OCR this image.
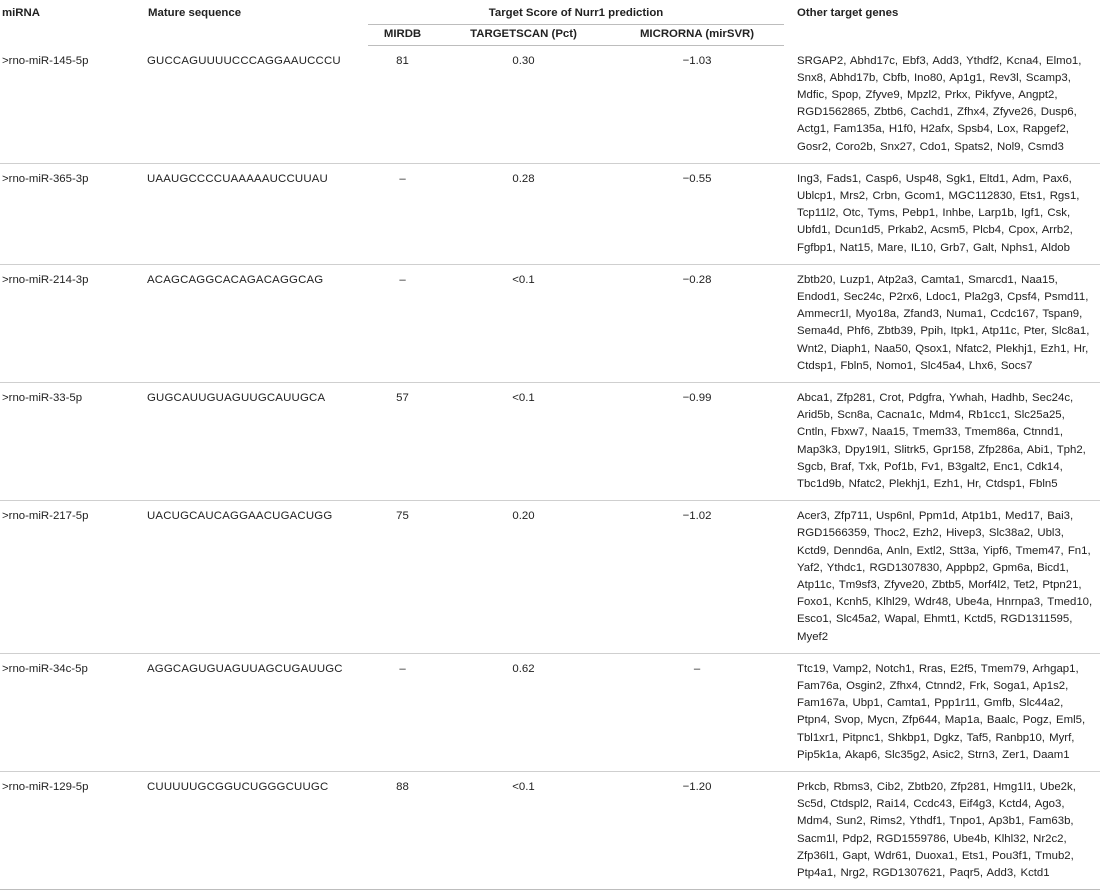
miRNA	Mature sequence	Target Score of Nurr1 prediction			Other target genes
		MIRDB	TARGETSCAN (Pct)	MICRORNA (mirSVR)	
>rno-miR-145-5p	GUCCAGUUUUCCCAGGAAUCCCU	81	0.30	−1.03	SRGAP2, Abhd17c, Ebf3, Add3, Ythdf2, Kcna4, Elmo1, Snx8, Abhd17b, Cbfb, Ino80, Ap1g1, Rev3l, Scamp3, Mdfic, Spop, Zfyve9, Mpzl2, Prkx, Pikfyve, Angpt2, RGD1562865, Zbtb6, Cachd1, Zfhx4, Zfyve26, Dusp6, Actg1, Fam135a, H1f0, H2afx, Spsb4, Lox, Rapgef2, Gosr2, Coro2b, Snx27, Cdo1, Spats2, Nol9, Csmd3
>rno-miR-365-3p	UAAUGCCCCUAAAAAUCCUUAU	–	0.28	−0.55	Ing3, Fads1, Casp6, Usp48, Sgk1, Eltd1, Adm, Pax6, Ublcp1, Mrs2, Crbn, Gcom1, MGC112830, Ets1, Rgs1, Tcp11l2, Otc, Tyms, Pebp1, Inhbe, Larp1b, Igf1, Csk, Ubfd1, Dcun1d5, Prkab2, Acsm5, Plcb4, Cpox, Arrb2, Fgfbp1, Nat15, Mare, IL10, Grb7, Galt, Nphs1, Aldob
>rno-miR-214-3p	ACAGCAGGCACAGACAGGCAG	–	<0.1	−0.28	Zbtb20, Luzp1, Atp2a3, Camta1, Smarcd1, Naa15, Endod1, Sec24c, P2rx6, Ldoc1, Pla2g3, Cpsf4, Psmd11, Ammecr1l, Myo18a, Zfand3, Numa1, Ccdc167, Tspan9, Sema4d, Phf6, Zbtb39, Ppih, Itpk1, Atp11c, Pter, Slc8a1, Wnt2, Diaph1, Naa50, Qsox1, Nfatc2, Plekhj1, Ezh1, Hr, Ctdsp1, Fbln5, Nomo1, Slc45a4, Lhx6, Socs7
>rno-miR-33-5p	GUGCAUUGUAGUUGCAUUGCA	57	<0.1	−0.99	Abca1, Zfp281, Crot, Pdgfra, Ywhah, Hadhb, Sec24c, Arid5b, Scn8a, Cacna1c, Mdm4, Rb1cc1, Slc25a25, Cntln, Fbxw7, Naa15, Tmem33, Tmem86a, Ctnnd1, Map3k3, Dpy19l1, Slitrk5, Gpr158, Zfp286a, Abi1, Tph2, Sgcb, Braf, Txk, Pof1b, Fv1, B3galt2, Enc1, Cdk14, Tbc1d9b, Nfatc2, Plekhj1, Ezh1, Hr, Ctdsp1, Fbln5
>rno-miR-217-5p	UACUGCAUCAGGAACUGACUGG	75	0.20	−1.02	Acer3, Zfp711, Usp6nl, Ppm1d, Atp1b1, Med17, Bai3, RGD1566359, Thoc2, Ezh2, Hivep3, Slc38a2, Ubl3, Kctd9, Dennd6a, Anln, Extl2, Stt3a, Yipf6, Tmem47, Fn1, Yaf2, Ythdc1, RGD1307830, Appbp2, Gpm6a, Bicd1, Atp11c, Tm9sf3, Zfyve20, Zbtb5, Morf4l2, Tet2, Ptpn21, Foxo1, Kcnh5, Klhl29, Wdr48, Ube4a, Hnrnpa3, Tmed10, Esco1, Slc45a2, Wapal, Ehmt1, Kctd5, RGD1311595, Myef2
>rno-miR-34c-5p	AGGCAGUGUAGUUAGCUGAUUGC	–	0.62	–	Ttc19, Vamp2, Notch1, Rras, E2f5, Tmem79, Arhgap1, Fam76a, Osgin2, Zfhx4, Ctnnd2, Frk, Soga1, Ap1s2, Fam167a, Ubp1, Camta1, Ppp1r11, Gmfb, Slc44a2, Ptpn4, Svop, Mycn, Zfp644, Map1a, Baalc, Pogz, Eml5, Tbl1xr1, Pitpnc1, Shkbp1, Dgkz, Taf5, Ranbp10, Myrf, Pip5k1a, Akap6, Slc35g2, Asic2, Strn3, Zer1, Daam1
>rno-miR-129-5p	CUUUUUGCGGUCUGGGCUUGC	88	<0.1	−1.20	Prkcb, Rbms3, Cib2, Zbtb20, Zfp281, Hmg1l1, Ube2k, Sc5d, Ctdspl2, Rai14, Ccdc43, Eif4g3, Kctd4, Ago3, Mdm4, Sun2, Rims2, Ythdf1, Tnpo1, Ap3b1, Fam63b, Sacm1l, Pdp2, RGD1559786, Ube4b, Klhl32, Nr2c2, Zfp36l1, Gapt, Wdr61, Duoxa1, Ets1, Pou3f1, Tmub2, Ptp4a1, Nrg2, RGD1307621, Paqr5, Add3, Kctd1
